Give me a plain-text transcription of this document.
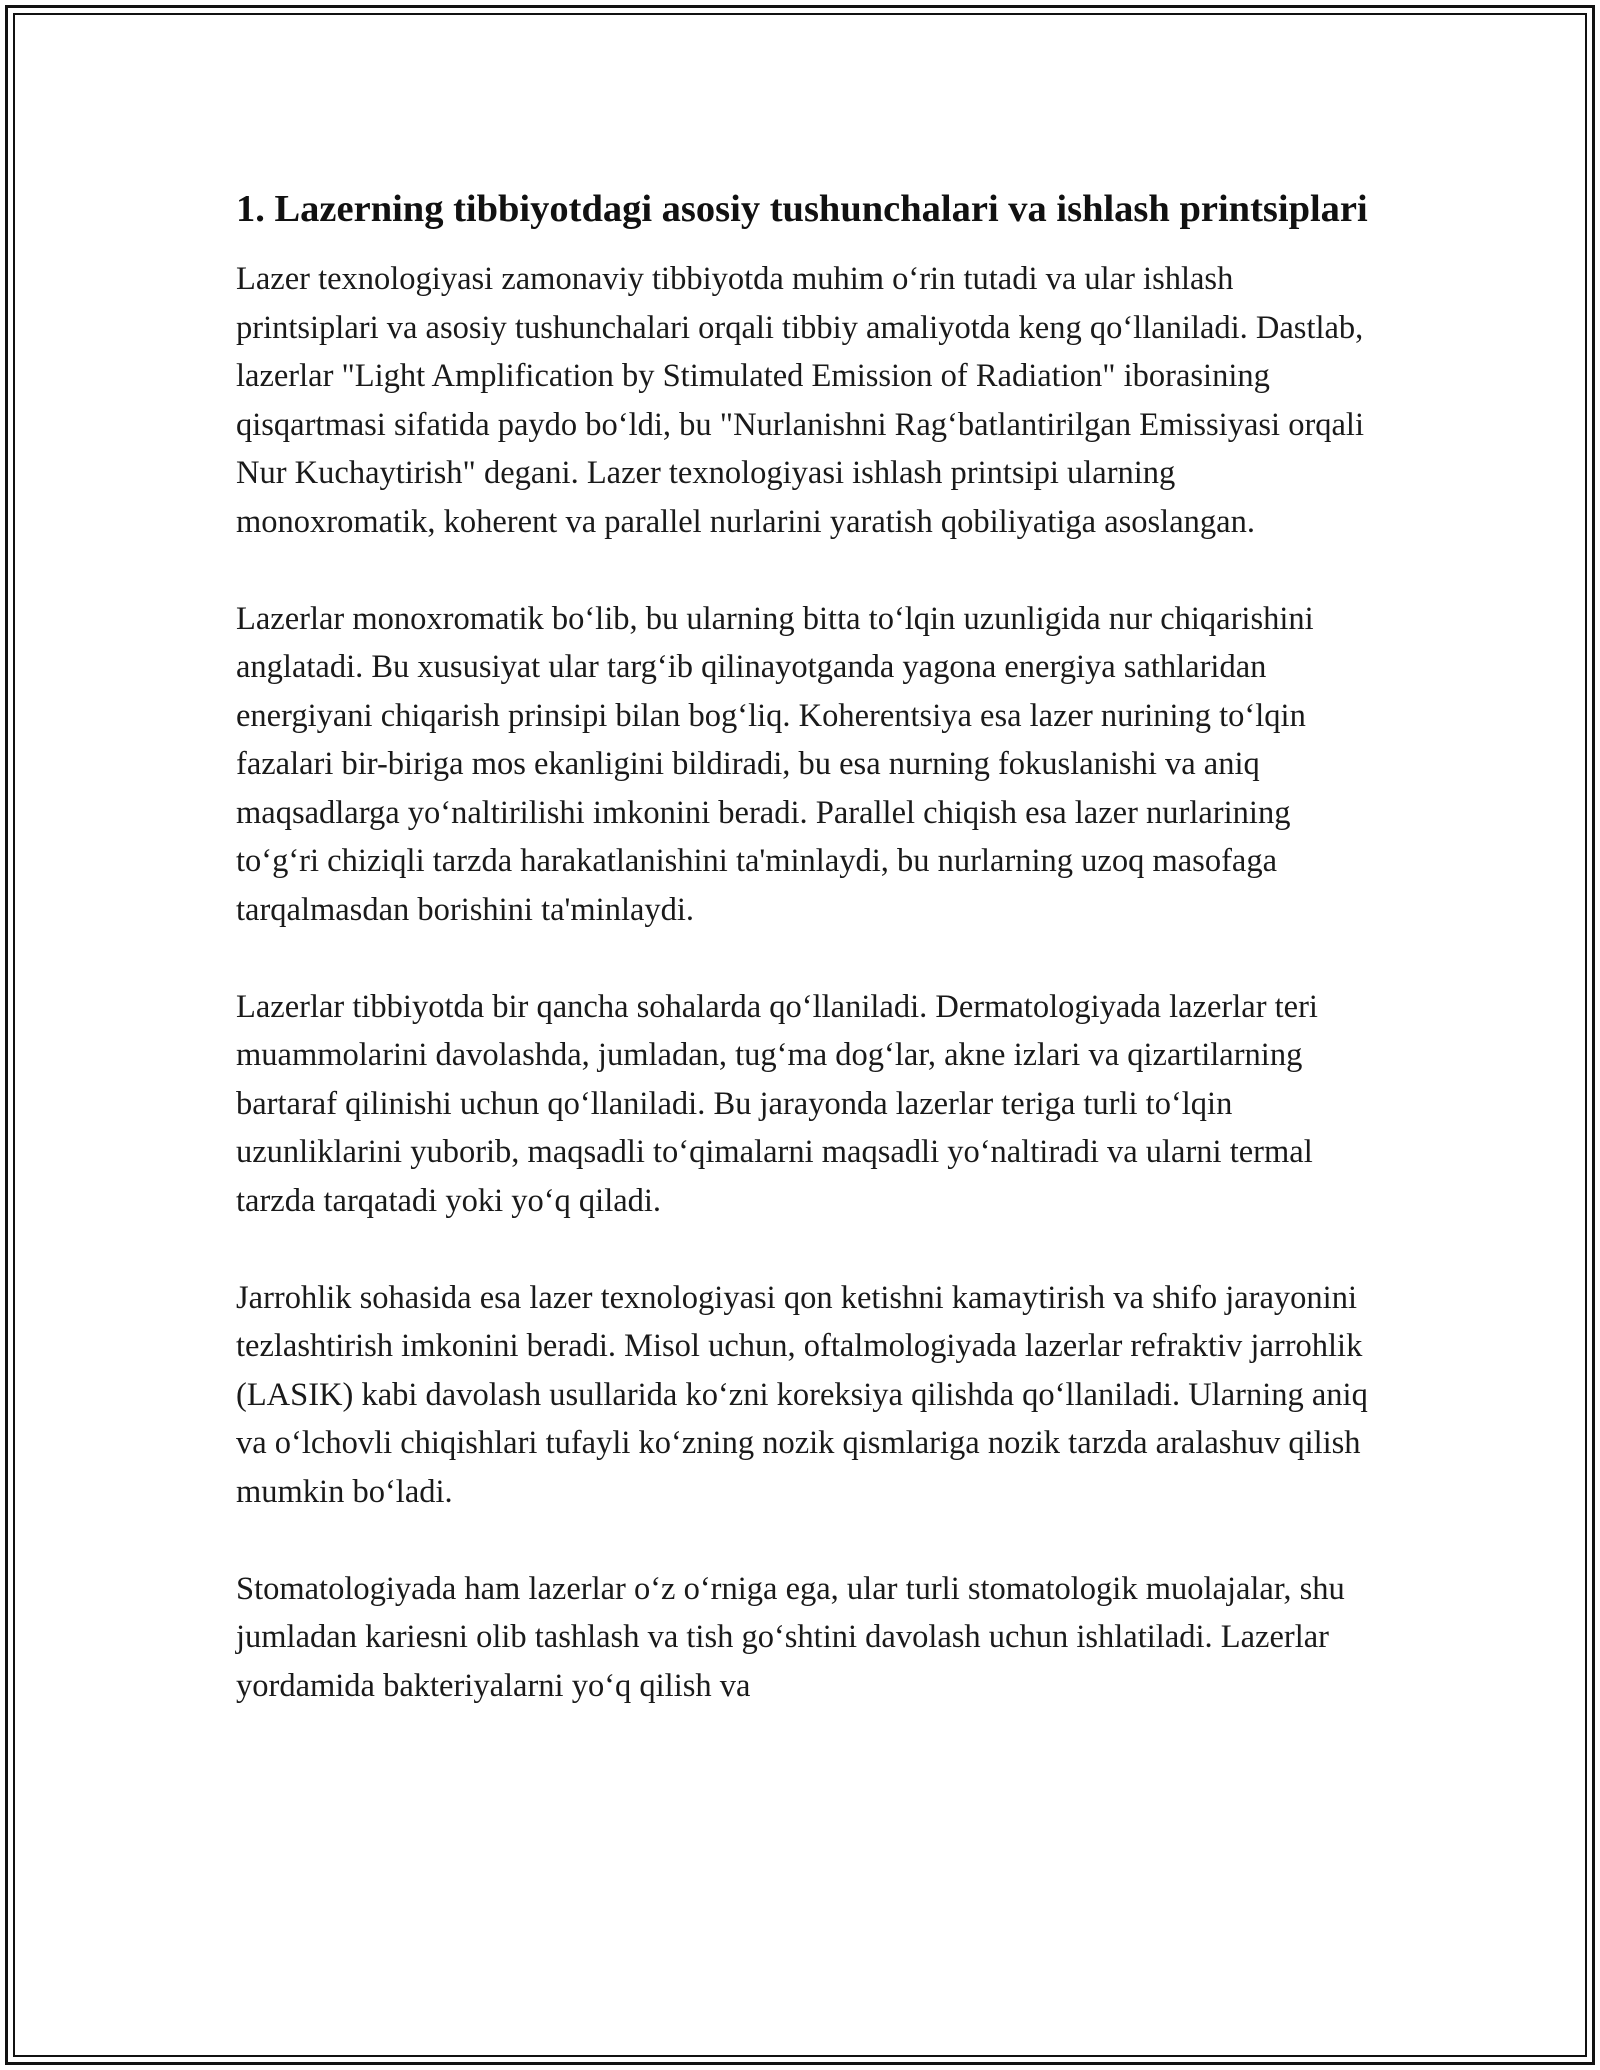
1. Lazerning tibbiyotdagi asosiy tushunchalari va ishlash printsiplari

Lazer texnologiyasi zamonaviy tibbiyotda muhim o‘rin tutadi va ular ishlash printsiplari va asosiy tushunchalari orqali tibbiy amaliyotda keng qo‘llaniladi. Dastlab, lazerlar "Light Amplification by Stimulated Emission of Radiation" iborasining qisqartmasi sifatida paydo bo‘ldi, bu "Nurlanishni Rag‘batlantirilgan Emissiyasi orqali Nur Kuchaytirish" degani. Lazer texnologiyasi ishlash printsipi ularning monoxromatik, koherent va parallel nurlarini yaratish qobiliyatiga asoslangan.

Lazerlar monoxromatik bo‘lib, bu ularning bitta to‘lqin uzunligida nur chiqarishini anglatadi. Bu xususiyat ular targ‘ib qilinayotganda yagona energiya sathlaridan energiyani chiqarish prinsipi bilan bog‘liq. Koherentsiya esa lazer nurining to‘lqin fazalari bir-biriga mos ekanligini bildiradi, bu esa nurning fokuslanishi va aniq maqsadlarga yo‘naltirilishi imkonini beradi. Parallel chiqish esa lazer nurlarining to‘g‘ri chiziqli tarzda harakatlanishini ta'minlaydi, bu nurlarning uzoq masofaga tarqalmasdan borishini ta'minlaydi.

Lazerlar tibbiyotda bir qancha sohalarda qo‘llaniladi. Dermatologiyada lazerlar teri muammolarini davolashda, jumladan, tug‘ma dog‘lar, akne izlari va qizartilarning bartaraf qilinishi uchun qo‘llaniladi. Bu jarayonda lazerlar teriga turli to‘lqin uzunliklarini yuborib, maqsadli to‘qimalarni maqsadli yo‘naltiradi va ularni termal tarzda tarqatadi yoki yo‘q qiladi.

Jarrohlik sohasida esa lazer texnologiyasi qon ketishni kamaytirish va shifo jarayonini tezlashtirish imkonini beradi. Misol uchun, oftalmologiyada lazerlar refraktiv jarrohlik (LASIK) kabi davolash usullarida ko‘zni koreksiya qilishda qo‘llaniladi. Ularning aniq va o‘lchovli chiqishlari tufayli ko‘zning nozik qismlariga nozik tarzda aralashuv qilish mumkin bo‘ladi.

Stomatologiyada ham lazerlar o‘z o‘rniga ega, ular turli stomatologik muolajalar, shu jumladan kariesni olib tashlash va tish go‘shtini davolash uchun ishlatiladi. Lazerlar yordamida bakteriyalarni yo‘q qilish va
